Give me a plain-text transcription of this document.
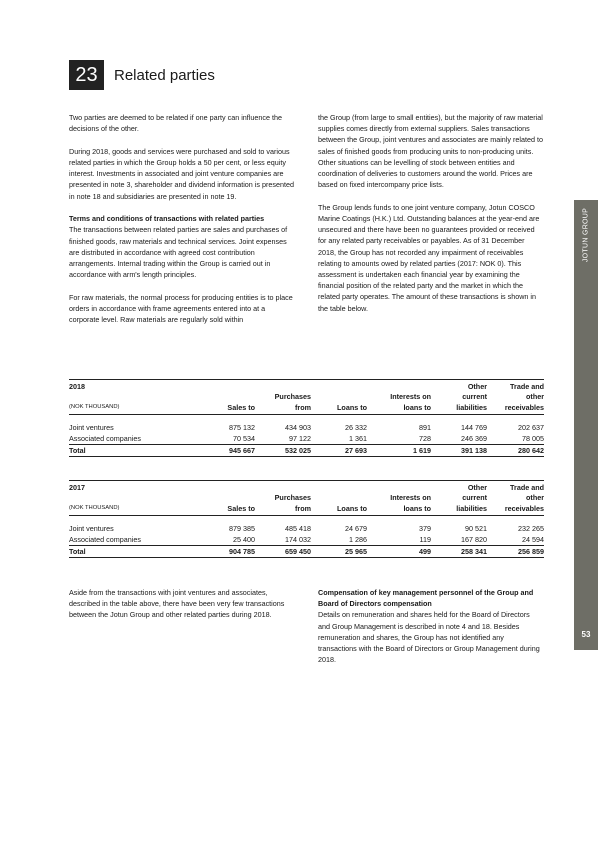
23	Related parties

Two parties are deemed to be related if one party can influence the decisions of the other.

During 2018, goods and services were purchased and sold to various related parties in which the Group holds a 50 per cent, or less equity interest. Investments in associated and joint venture companies are presented in note 3, shareholder and dividend information is presented in note 18 and subsidiaries are presented in note 19.

Terms and conditions of transactions with related parties
The transactions between related parties are sales and purchases of finished goods, raw materials and technical services. Joint expenses are distributed in accordance with agreed cost contribution arrangements. Internal trading within the Group is carried out in accordance with arm's length principles.

For raw materials, the normal process for producing entities is to place orders in accordance with frame agreements entered into at a corporate level. Raw materials are regularly sold within

the Group (from large to small entities), but the majority of raw material supplies comes directly from external suppliers. Sales transactions between the Group, joint ventures and associates are mainly related to sales of finished goods from producing units to non-producing units. Other situations can be levelling of stock between entities and coordination of deliveries to customers around the world. Prices are based on fixed intercompany price lists.

The Group lends funds to one joint venture company, Jotun COSCO Marine Coatings (H.K.) Ltd. Outstanding balances at the year-end are unsecured and there have been no guarantees provided or received for any related party receivables or payables. As of 31 December 2018, the Group has not recorded any impairment of receivables relating to amounts owed by related parties (2017: NOK 0). This assessment is undertaken each financial year by examining the financial position of the related party and the market in which the related party operates. The amount of these transactions is shown in the table below.

2018					Other	Trade and
		Purchases		Interests on	current	other
(NOK THOUSAND)	Sales to	from	Loans to	loans to	liabilities	receivables

Joint ventures	875 132	434 903	26 332	891	144 769	202 637
Associated companies	70 534	97 122	1 361	728	246 369	78 005
Total	945 667	532 025	27 693	1 619	391 138	280 642
2017					Other	Trade and
		Purchases		Interests on	current	other
(NOK THOUSAND)	Sales to	from	Loans to	loans to	liabilities	receivables

Joint ventures	879 385	485 418	24 679	379	90 521	232 265
Associated companies	25 400	174 032	1 286	119	167 820	24 594
Total	904 785	659 450	25 965	499	258 341	256 859

Aside from the transactions with joint ventures and associates, described in the table above, there have been very few transactions between the Jotun Group and other related parties during 2018.

Compensation of key management personnel of the Group and Board of Directors compensation
Details on remuneration and shares held for the Board of Directors and Group Management is described in note 4 and 18. Besides remuneration and shares, the Group has not identified any transactions with the Board of Directors or Group Management during 2018.

JOTUN GROUP
53
